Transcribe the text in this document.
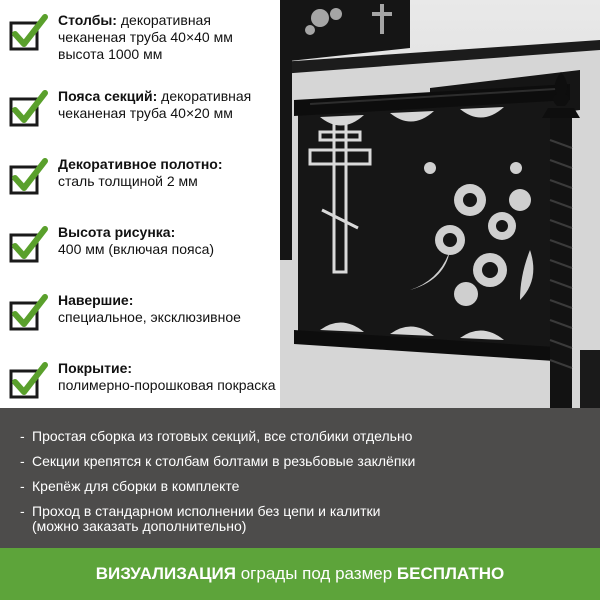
Столбы: декоративная
чеканеная труба 40×40 мм
высота 1000 мм
Пояса секций: декоративная
чеканеная труба 40×20 мм
Декоративное полотно:
сталь толщиной 2 мм
Высота рисунка:
400 мм (включая пояса)
Навершие:
специальное, эксклюзивное
Покрытие:
полимерно-порошковая покраска
- Простая сборка из готовых секций, все столбики отдельно
- Секции крепятся к столбам болтами в резьбовые заклёпки
- Крепёж для сборки в комплекте
- Проход в стандарном исполнении без цепи и калитки
(можно заказать дополнительно)
ВИЗУАЛИЗАЦИЯ ограды под размер БЕСПЛАТНО
